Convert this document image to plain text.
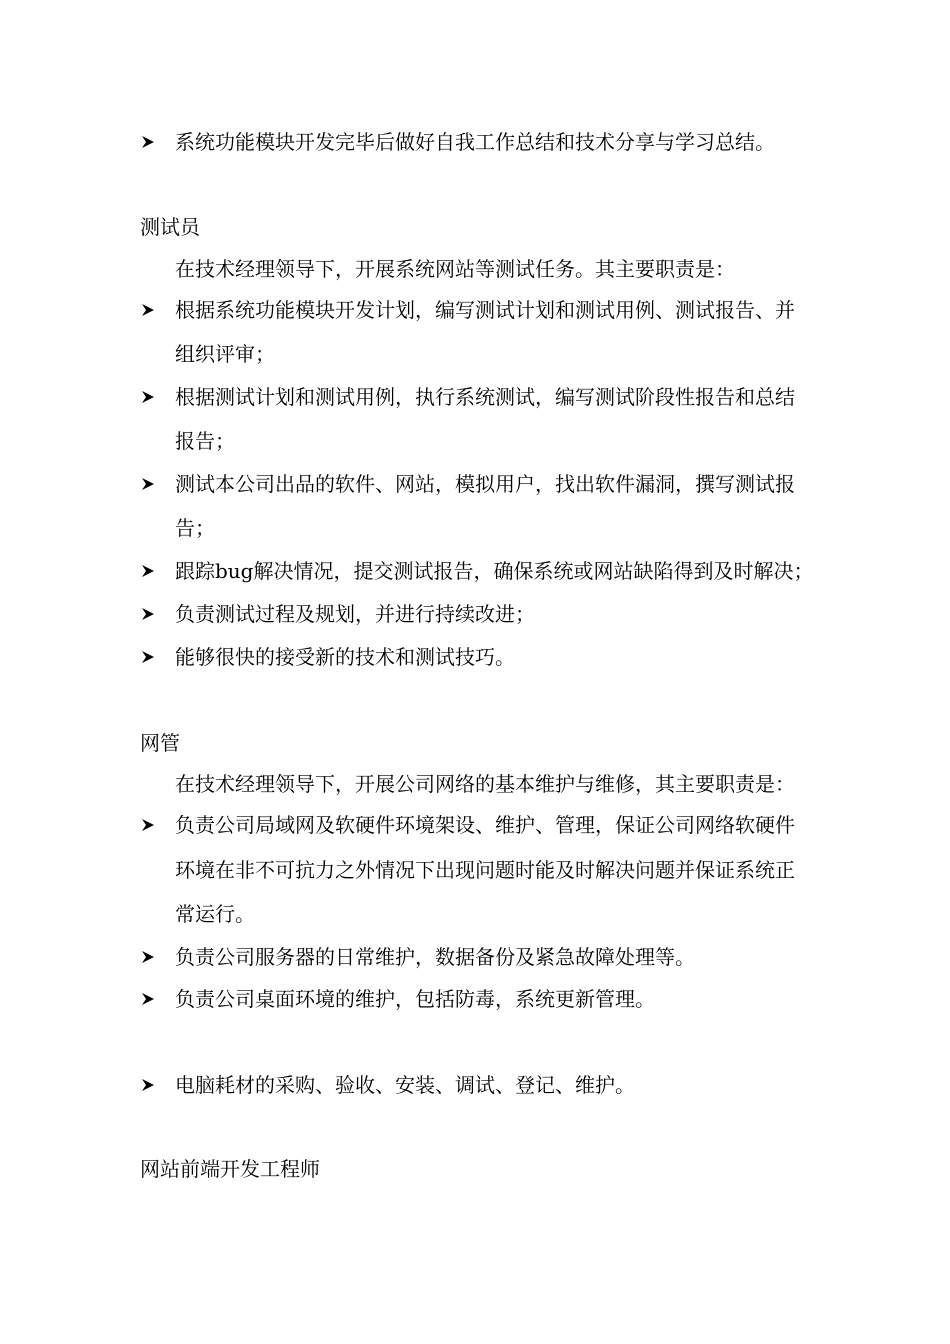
系统功能模块开发完毕后做好自我工作总结和技术分享与学习总结。
测试员
在技术经理领导下，开展系统网站等测试任务。其主要职责是：
根据系统功能模块开发计划，编写测试计划和测试用例、测试报告、并
组织评审；
根据测试计划和测试用例，执行系统测试，编写测试阶段性报告和总结
报告；
测试本公司出品的软件、网站，模拟用户，找出软件漏洞，撰写测试报
告；
跟踪bug解决情况，提交测试报告，确保系统或网站缺陷得到及时解决；
负责测试过程及规划，并进行持续改进；
能够很快的接受新的技术和测试技巧。
网管
在技术经理领导下，开展公司网络的基本维护与维修，其主要职责是：
负责公司局域网及软硬件环境架设、维护、管理，保证公司网络软硬件
环境在非不可抗力之外情况下出现问题时能及时解决问题并保证系统正
常运行。
负责公司服务器的日常维护，数据备份及紧急故障处理等。
负责公司桌面环境的维护，包括防毒，系统更新管理。
电脑耗材的采购、验收、安装、调试、登记、维护。
网站前端开发工程师
